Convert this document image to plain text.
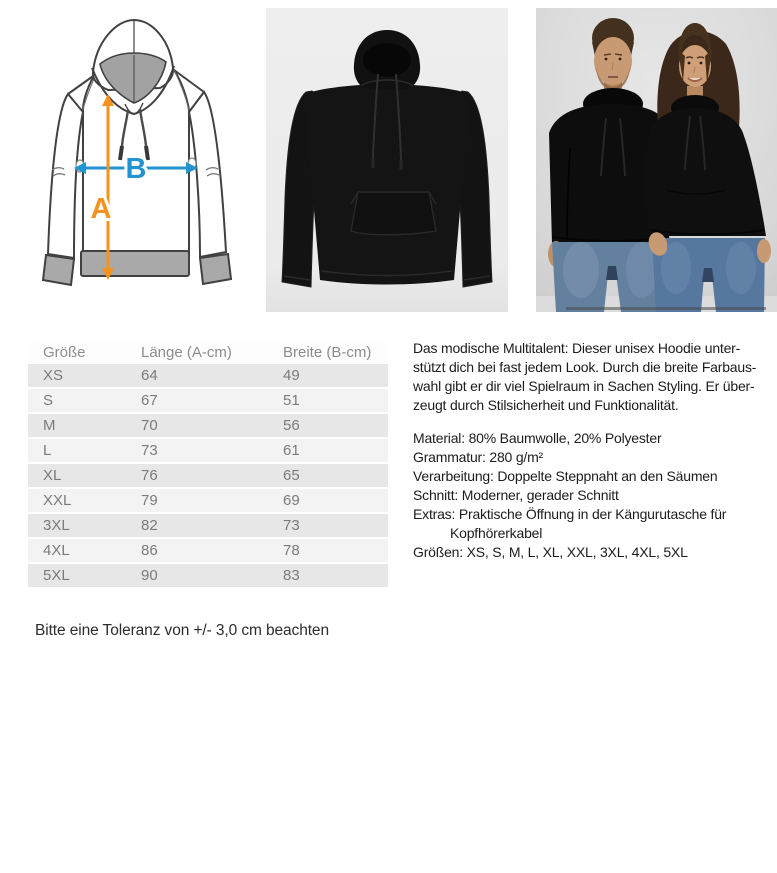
B
A
Größe	Länge (A-cm)	Breite (B-cm)
XS	64	49
S	67	51
M	70	56
L	73	61
XL	76	65
XXL	79	69
3XL	82	73
4XL	86	78
5XL	90	83
Das modische Multitalent: Dieser unisex Hoodie unter-
stützt dich bei fast jedem Look. Durch die breite Farbaus-
wahl gibt er dir viel Spielraum in Sachen Styling. Er über-
zeugt durch Stilsicherheit und Funktionalität.
Material: 80% Baumwolle, 20% Polyester
Grammatur: 280 g/m²
Verarbeitung: Doppelte Steppnaht an den Säumen
Schnitt: Moderner, gerader Schnitt
Extras: Praktische Öffnung in der Kängurutasche für
Kopfhörerkabel
Größen: XS, S, M, L, XL, XXL, 3XL, 4XL, 5XL
Bitte eine Toleranz von +/- 3,0 cm beachten
